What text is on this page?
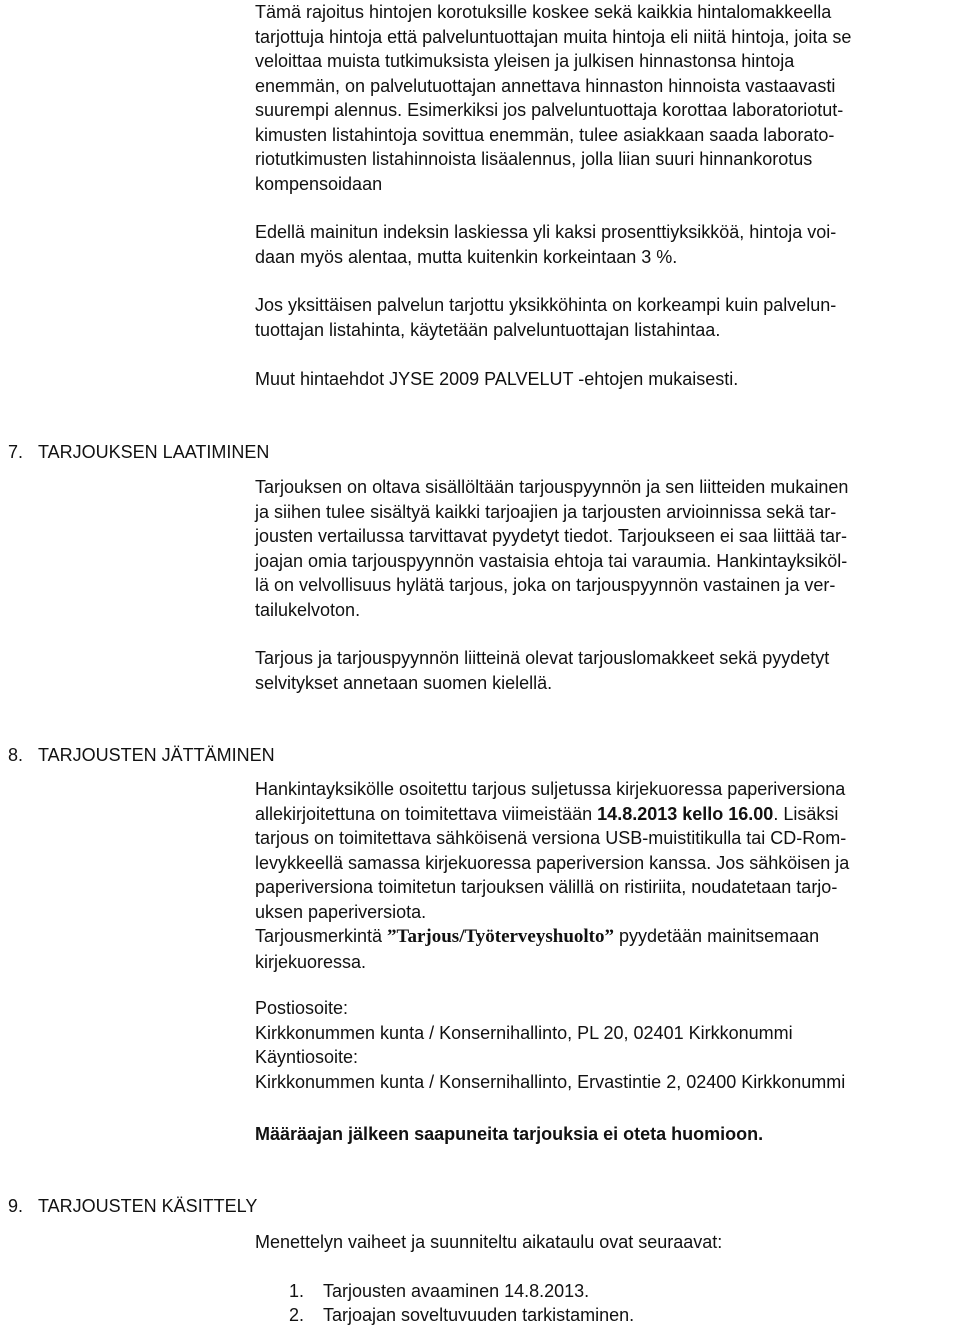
Tämä rajoitus hintojen korotuksille koskee sekä kaikkia hintalomakkeella
tarjottuja hintoja että palveluntuottajan muita hintoja eli niitä hintoja, joita se
veloittaa muista tutkimuksista yleisen ja julkisen hinnastonsa hintoja
enemmän, on palvelutuottajan annettava hinnaston hinnoista vastaavasti
suurempi alennus. Esimerkiksi jos palveluntuottaja korottaa laboratoriotut-
kimusten listahintoja sovittua enemmän, tulee asiakkaan saada laborato-
riotutkimusten listahinnoista lisäalennus, jolla liian suuri hinnankorotus
kompensoidaan
Edellä mainitun indeksin laskiessa yli kaksi prosenttiyksikköä, hintoja voi-
daan myös alentaa, mutta kuitenkin korkeintaan 3 %.
Jos yksittäisen palvelun tarjottu yksikköhinta on korkeampi kuin palvelun-
tuottajan listahinta, käytetään palveluntuottajan listahintaa.
Muut hintaehdot JYSE 2009 PALVELUT -ehtojen mukaisesti.
7. TARJOUKSEN LAATIMINEN
Tarjouksen on oltava sisällöltään tarjouspyynnön ja sen liitteiden mukainen
ja siihen tulee sisältyä kaikki tarjoajien ja tarjousten arvioinnissa sekä tar-
jousten vertailussa tarvittavat pyydetyt tiedot. Tarjoukseen ei saa liittää tar-
joajan omia tarjouspyynnön vastaisia ehtoja tai varaumia. Hankintayksiköl-
lä on velvollisuus hylätä tarjous, joka on tarjouspyynnön vastainen ja ver-
tailukelvoton.
Tarjous ja tarjouspyynnön liitteinä olevat tarjouslomakkeet sekä pyydetyt
selvitykset annetaan suomen kielellä.
8. TARJOUSTEN JÄTTÄMINEN
Hankintayksikölle osoitettu tarjous suljetussa kirjekuoressa paperiversiona
allekirjoitettuna on toimitettava viimeistään 14.8.2013 kello 16.00. Lisäksi
tarjous on toimitettava sähköisenä versiona USB-muistitikulla tai CD-Rom-
levykkeellä samassa kirjekuoressa paperiversion kanssa. Jos sähköisen ja
paperiversiona toimitetun tarjouksen välillä on ristiriita, noudatetaan tarjo-
uksen paperiversiota.
Tarjousmerkintä ”Tarjous/Työterveyshuolto” pyydetään mainitsemaan
kirjekuoressa.
Postiosoite:
Kirkkonummen kunta / Konsernihallinto, PL 20, 02401 Kirkkonummi
Käyntiosoite:
Kirkkonummen kunta / Konsernihallinto, Ervastintie 2, 02400 Kirkkonummi
Määräajan jälkeen saapuneita tarjouksia ei oteta huomioon.
9. TARJOUSTEN KÄSITTELY
Menettelyn vaiheet ja suunniteltu aikataulu ovat seuraavat:
1. Tarjousten avaaminen 14.8.2013.
2. Tarjoajan soveltuvuuden tarkistaminen.
